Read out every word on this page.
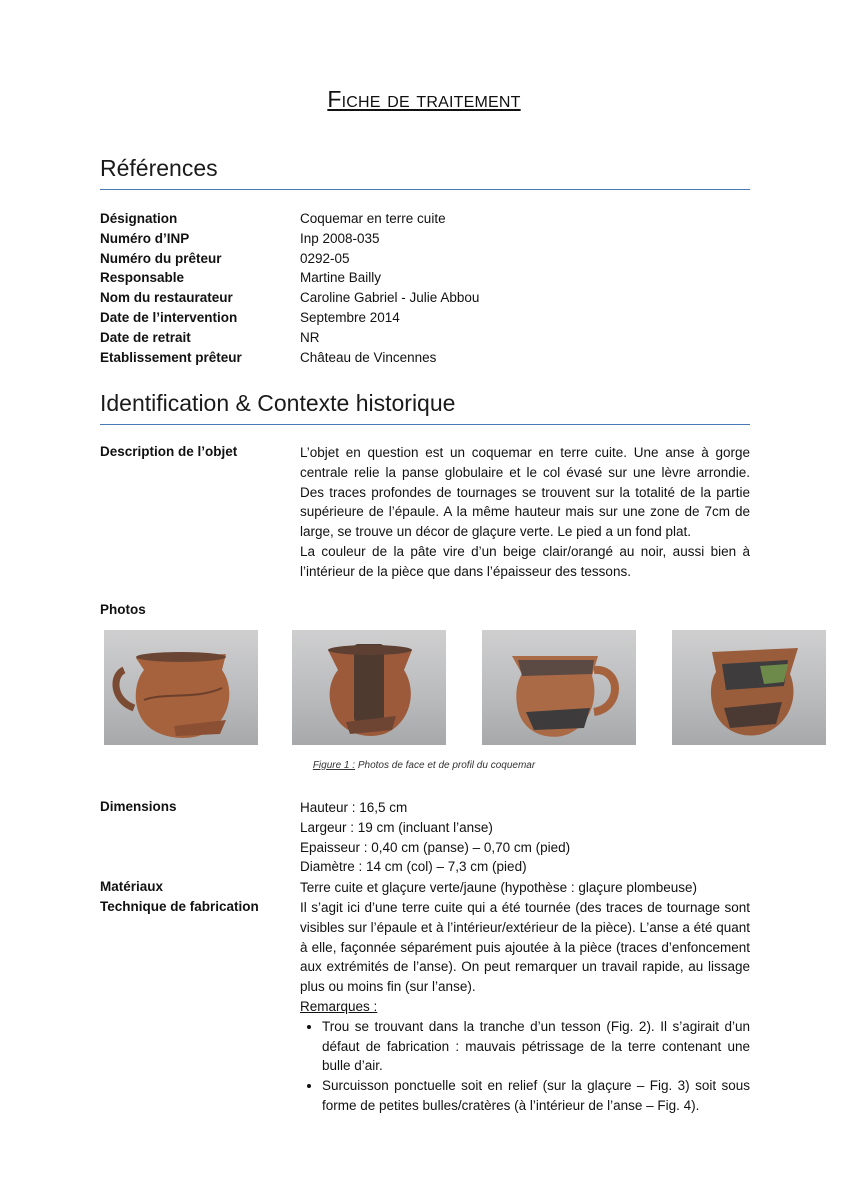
Fiche de traitement
Références
Désignation	Coquemar en terre cuite
Numéro d’INP	Inp 2008-035
Numéro du prêteur	0292-05
Responsable	Martine Bailly
Nom du restaurateur	Caroline Gabriel - Julie Abbou
Date de l’intervention	Septembre 2014
Date de retrait	NR
Etablissement prêteur	Château de Vincennes
Identification & Contexte historique
Description de l’objet	L’objet en question est un coquemar en terre cuite. Une anse à gorge centrale relie la panse globulaire et le col évasé sur une lèvre arrondie. Des traces profondes de tournages se trouvent sur la totalité de la partie supérieure de l’épaule. A la même hauteur mais sur une zone de 7cm de large, se trouve un décor de glaçure verte. Le pied a un fond plat.

La couleur de la pâte vire d’un beige clair/orangé au noir, aussi bien à l’intérieur de la pièce que dans l’épaisseur des tessons.

Photos
Figure 1 : Photos de face et de profil du coquemar
Dimensions	Hauteur : 16,5 cm
Largeur : 19 cm (incluant l’anse)
Epaisseur : 0,40 cm (panse) – 0,70 cm (pied)
Diamètre : 14 cm (col) – 7,3 cm (pied)
Matériaux	Terre cuite et glaçure verte/jaune (hypothèse : glaçure plombeuse)
Technique de fabrication	Il s’agit ici d’une terre cuite qui a été tournée (des traces de tournage sont visibles sur l’épaule et à l’intérieur/extérieur de la pièce). L’anse a été quant à elle, façonnée séparément puis ajoutée à la pièce (traces d’enfoncement aux extrémités de l’anse). On peut remarquer un travail rapide, au lissage plus ou moins fin (sur l’anse).

Remarques :
• Trou se trouvant dans la tranche d’un tesson (Fig. 2). Il s’agirait d’un défaut de fabrication : mauvais pétrissage de la terre contenant une bulle d’air.
• Surcuisson ponctuelle soit en relief (sur la glaçure – Fig. 3) soit sous forme de petites bulles/cratères (à l’intérieur de l’anse – Fig. 4).
